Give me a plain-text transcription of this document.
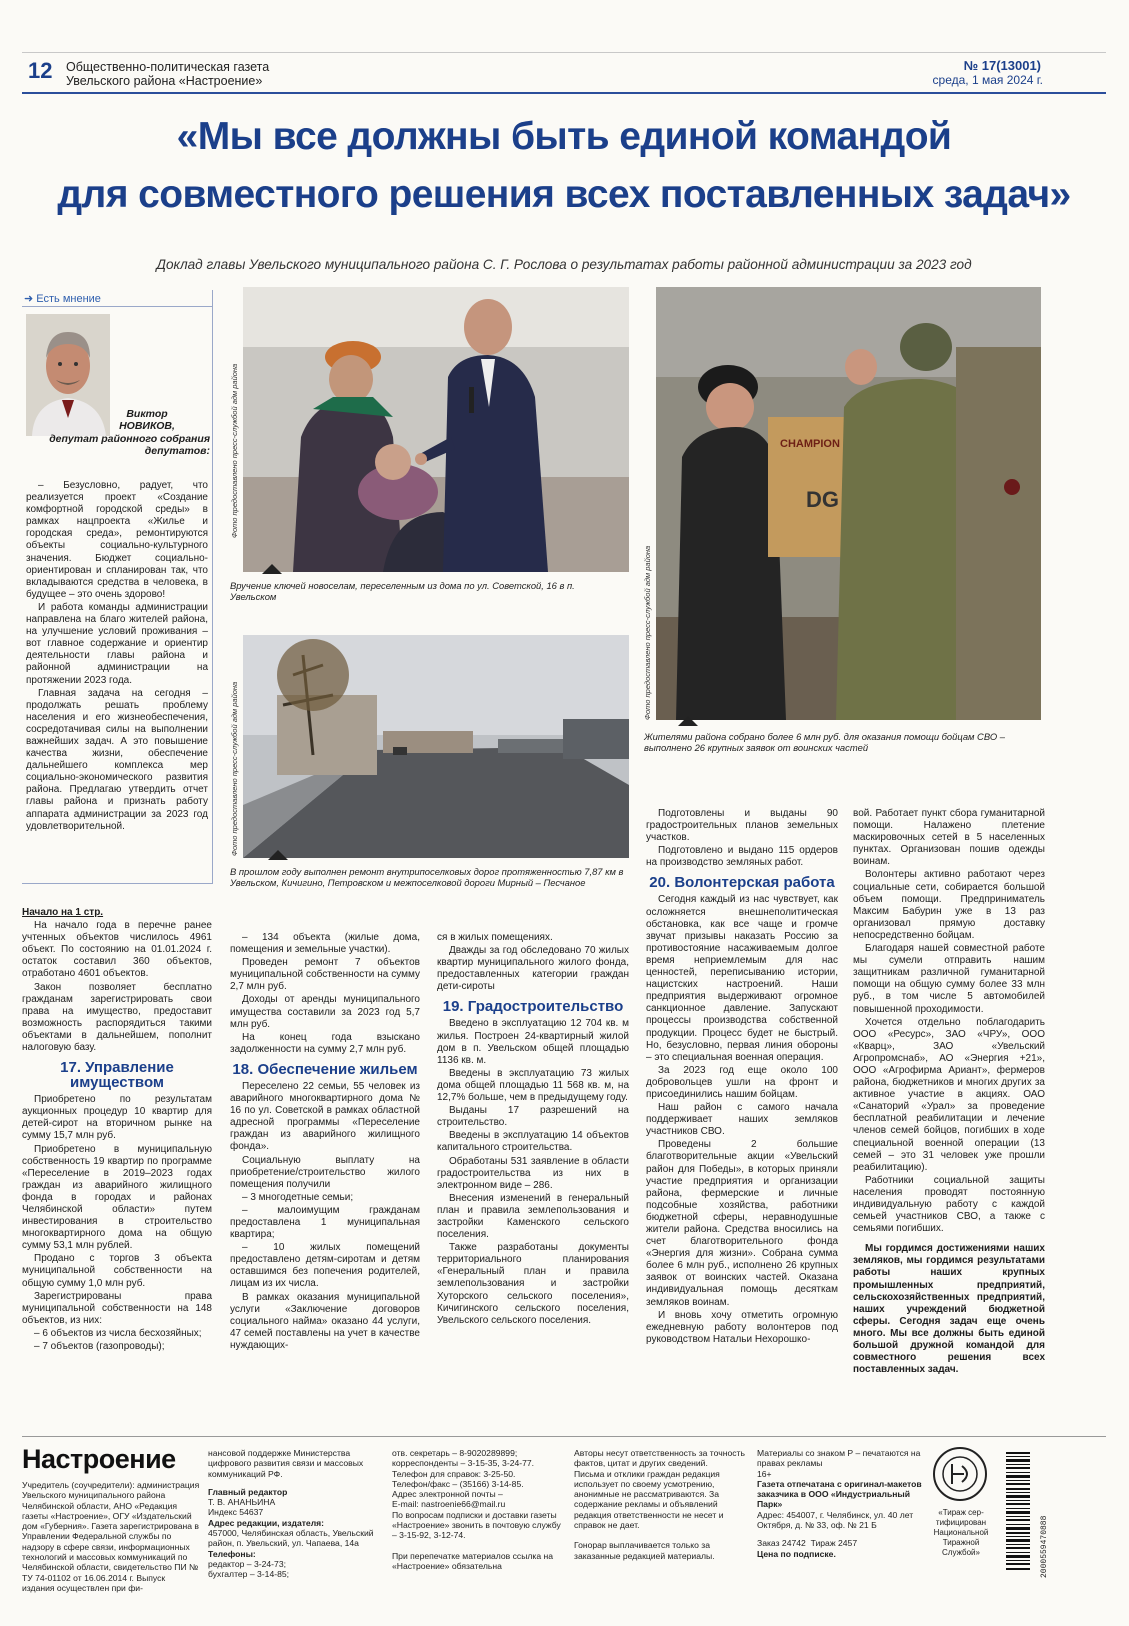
12 Общественно-политическая газета
Увельского района «Настроение»
№ 17(13001)
среда, 1 мая 2024 г.
«Мы все должны быть единой командой
для совместного решения всех поставленных задач»
Доклад главы Увельского муниципального района С. Г. Рослова о результатах работы районной администрации за 2023 год
➜ Есть мнение
Виктор
НОВИКОВ,
депутат районного собрания депутатов:

– Безусловно, радует, что реализуется проект «Создание комфортной городской среды» в рамках нацпроекта «Жилье и городская среда», ремонтируются объекты социально-культурного значения. Бюджет социально-ориентирован и спланирован так, что вкладываются средства в человека, в будущее – это очень здорово!

И работа команды администрации направлена на благо жителей района, на улучшение условий проживания – вот главное содержание и ориентир деятельности главы района и районной администрации на протяжении 2023 года.

Главная задача на сегодня – продолжать решать проблему населения и его жизнеобеспечения, сосредотачивая силы на выполнении важнейших задач. А это повышение качества жизни, обеспечение дальнейшего комплекса мер социально-экономического развития района. Предлагаю утвердить отчет главы района и признать работу аппарата администрации за 2023 год удовлетворительной.

Фото предоставлено пресс-службой адм района
Вручение ключей новоселам, переселенным из дома по ул. Советской, 16 в п. Увельском
Фото предоставлено пресс-службой адм района
В прошлом году выполнен ремонт внутрипоселковых дорог протяженностью 7,87 км в Увельском, Кичигино, Петровском и межпоселковой дороги Мирный – Песчаное
CHAMPION
DG
Фото предоставлено пресс-службой адм района
Жителями района собрано более 6 млн руб. для оказания помощи бойцам СВО – выполнено 26 крупных заявок от воинских частей

Начало на 1 стр.

На начало года в перечне ранее учтенных объектов числилось 4961 объект. По состоянию на 01.01.2024 г. остаток составил 360 объектов, отработано 4601 объектов.

Закон позволяет бесплатно гражданам зарегистрировать свои права на имущество, предоставит возможность распорядиться такими объектами в дальнейшем, пополнит налоговую базу.

17. Управление имуществом

Приобретено по результатам аукционных процедур 10 квартир для детей-сирот на вторичном рынке на сумму 15,7 млн руб.

Приобретено в муниципальную собственность 19 квартир по программе «Переселение в 2019–2023 годах граждан из аварийного жилищного фонда в городах и районах Челябинской области» путем инвестирования в строительство многоквартирного дома на общую сумму 53,1 млн рублей.

Продано с торгов 3 объекта муниципальной собственности на общую сумму 1,0 млн руб.

Зарегистрированы права муниципальной собственности на 148 объектов, из них:

– 6 объектов из числа бесхозяйных;

– 7 объектов (газопроводы);

– 134 объекта (жилые дома, помещения и земельные участки).

Проведен ремонт 7 объектов муниципальной собственности на сумму 2,7 млн руб.

Доходы от аренды муниципального имущества составили за 2023 год 5,7 млн руб.

На конец года взыскано задолженности на сумму 2,7 млн руб.

18. Обеспечение жильем

Переселено 22 семьи, 55 человек из аварийного многоквартирного дома № 16 по ул. Советской в рамках областной адресной программы «Переселение граждан из аварийного жилищного фонда».

Социальную выплату на приобретение/строительство жилого помещения получили

– 3 многодетные семьи;

– малоимущим гражданам предоставлена 1 муниципальная квартира;

– 10 жилых помещений предоставлено детям-сиротам и детям оставшимся без попечения родителей, лицам из их числа.

В рамках оказания муниципальной услуги «Заключение договоров социального найма» оказано 44 услуги, 47 семей поставлены на учет в качестве нуждающих-

ся в жилых помещениях.

Дважды за год обследовано 70 жилых квартир муниципального жилого фонда, предоставленных категории граждан дети-сироты

19. Градостроительство

Введено в эксплуатацию 12 704 кв. м жилья. Построен 24-квартирный жилой дом в п. Увельском общей площадью 1136 кв. м.

Введены в эксплуатацию 73 жилых дома общей площадью 11 568 кв. м, на 12,7% больше, чем в предыдущему году.

Выданы 17 разрешений на строительство.

Введены в эксплуатацию 14 объектов капитального строительства.

Обработаны 531 заявление в области градостроительства из них в электронном виде – 286.

Внесения изменений в генеральный план и правила землепользования и застройки Каменского сельского поселения.

Также разработаны документы территориального планирования «Генеральный план и правила землепользования и застройки Хуторского сельского поселения», Кичигинского сельского поселения, Увельского сельского поселения.

Подготовлены и выданы 90 градостроительных планов земельных участков.

Подготовлено и выдано 115 ордеров на производство земляных работ.

20. Волонтерская работа

Сегодня каждый из нас чувствует, как осложняется внешнеполитическая обстановка, как все чаще и громче звучат призывы наказать Россию за противостояние насаживаемым долгое время неприемлемым для нас ценностей, переписыванию истории, нацистских настроений. Наши предприятия выдерживают огромное санкционное давление. Запускают процессы производства собственной продукции. Процесс будет не быстрый. Но, безусловно, первая линия обороны – это специальная военная операция.

За 2023 год еще около 100 добровольцев ушли на фронт и присоединились нашим бойцам.

Наш район с самого начала поддерживает наших земляков участников СВО.

Проведены 2 большие благотворительные акции «Увельский район для Победы», в которых приняли участие предприятия и организации района, фермерские и личные подсобные хозяйства, работники бюджетной сферы, неравнодушные жители района. Средства вносились на счет благотворительного фонда «Энергия для жизни». Собрана сумма более 6 млн руб., исполнено 26 крупных заявок от воинских частей. Оказана индивидуальная помощь десяткам земляков воинам.

И вновь хочу отметить огромную ежедневную работу волонтеров под руководством Натальи Нехорошко-

вой. Работает пункт сбора гуманитарной помощи. Налажено плетение маскировочных сетей в 5 населенных пунктах. Организован пошив одежды воинам.

Волонтеры активно работают через социальные сети, собирается большой объем помощи. Предприниматель Максим Бабурин уже в 13 раз организовал прямую доставку непосредственно бойцам.

Благодаря нашей совместной работе мы сумели отправить нашим защитникам различной гуманитарной помощи на общую сумму более 33 млн руб., в том числе 5 автомобилей повышенной проходимости.

Хочется отдельно поблагодарить ООО «Ресурс», ЗАО «ЧРУ», ООО «Кварц», ЗАО «Увельский Агропромснаб», АО «Энергия +21», ООО «Агрофирма Ариант», фермеров района, бюджетников и многих других за активное участие в акциях. ОАО «Санаторий «Урал» за проведение бесплатной реабилитации и лечение членов семей бойцов, погибших в ходе специальной военной операции (13 семей – это 31 человек уже прошли реабилитацию).

Работники социальной защиты населения проводят постоянную индивидуальную работу с каждой семьей участников СВО, а также с семьями погибших.

Мы гордимся достижениями наших земляков, мы гордимся результатами работы наших крупных промышленных предприятий, сельскохозяйственных предприятий, наших учреждений бюджетной сферы. Сегодня задач еще очень много. Мы все должны быть единой большой дружной командой для совместного решения всех поставленных задач.

Настроение
Учредитель (соучредители): администрация Увельского муниципального района Челябинской области, АНО «Редакция газеты «Настроение», ОГУ «Издательский дом «Губерния». Газета зарегистрирована в Управлении Федеральной службы по надзору в сфере связи, информационных технологий и массовых коммуникаций по Челябинской области, свидетельство ПИ № ТУ 74-01102 от 16.06.2014 г. Выпуск издания осуществлен при фи-
нансовой поддержке Министерства цифрового развития связи и массовых коммуникаций РФ.
Главный редактор
Т. В. АНАНЬИНА
Индекс 54637
Адрес редакции, издателя:
457000, Челябинская область, Увельский район, п. Увельский, ул. Чапаева, 14а
Телефоны:
редактор – 3-24-73;
бухгалтер – 3-14-85;
отв. секретарь – 8-9020289899;
корреспонденты – 3-15-35, 3-24-77.
Телефон для справок: 3-25-50.
Телефон/факс – (35166) 3-14-85.
Адрес электронной почты –
E-mail: nastroenie66@mail.ru
По вопросам подписки и доставки газеты «Настроение» звонить в почтовую службу – 3-15-92, 3-12-74.
При перепечатке материалов ссылка на «Настроение» обязательна
Авторы несут ответственность за точность фактов, цитат и других сведений.
Письма и отклики граждан редакция использует по своему усмотрению, анонимные не рассматриваются. За содержание рекламы и объявлений редакция ответственности не несет и справок не дает.
Гонорар выплачивается только за заказанные редакцией материалы.
Материалы со знаком Р – печатаются на правах рекламы
16+
Газета отпечатана с оригинал-макетов заказчика в ООО «Индустриальный Парк»
Адрес: 454007, г. Челябинск, ул. 40 лет Октября, д. № 33, оф. № 21 Б
Заказ 24742 Тираж 2457
Цена по подписке.
«Тираж сер-
тифицирован
Национальной
Тиражной
Службой»	2000559470888
